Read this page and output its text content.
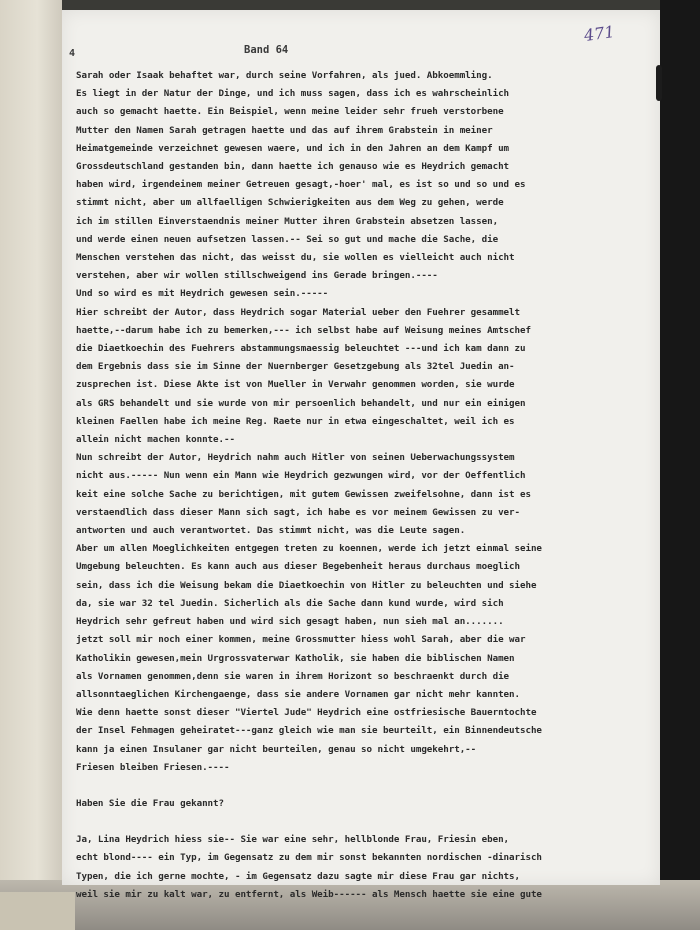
4	Band 64
471
Sarah oder Isaak behaftet war, durch seine Vorfahren, als jued. Abkoemmling.
Es liegt in der Natur der Dinge, und ich muss sagen, dass ich es wahrscheinlich
auch so gemacht haette. Ein Beispiel, wenn meine leider sehr frueh verstorbene
Mutter den Namen Sarah getragen haette und das auf ihrem Grabstein in meiner
Heimatgemeinde verzeichnet gewesen waere, und ich in den Jahren an dem Kampf um
Grossdeutschland gestanden bin, dann haette ich genauso wie es Heydrich gemacht
haben wird, irgendeinem meiner Getreuen gesagt,-hoer' mal, es ist so und so und es
stimmt nicht, aber um allfaelligen Schwierigkeiten aus dem Weg zu gehen, werde
ich im stillen Einverstaendnis meiner Mutter ihren Grabstein absetzen lassen,
und werde einen neuen aufsetzen lassen.-- Sei so gut und mache die Sache, die
Menschen verstehen das nicht, das weisst du, sie wollen es vielleicht auch nicht
verstehen, aber wir wollen stillschweigend ins Gerade bringen.----
Und so wird es mit Heydrich gewesen sein.-----
Hier schreibt der Autor, dass Heydrich sogar Material ueber den Fuehrer gesammelt
haette,--darum habe ich zu bemerken,--- ich selbst habe auf Weisung meines Amtschef
die Diaetkoechin des Fuehrers abstammungsmaessig beleuchtet ---und ich kam dann zu
dem Ergebnis dass sie im Sinne der Nuernberger Gesetzgebung als 32tel Juedin an-
zusprechen ist. Diese Akte ist von Mueller in Verwahr genommen worden, sie wurde
als GRS behandelt und sie wurde von mir persoenlich behandelt, und nur ein einigen
kleinen Faellen habe ich meine Reg. Raete nur in etwa eingeschaltet, weil ich es
allein nicht machen konnte.--
Nun schreibt der Autor, Heydrich nahm auch Hitler von seinen Ueberwachungssystem
nicht aus.----- Nun wenn ein Mann wie Heydrich gezwungen wird, vor der Oeffentlich
keit eine solche Sache zu berichtigen, mit gutem Gewissen zweifelsohne, dann ist es
verstaendlich dass dieser Mann sich sagt, ich habe es vor meinem Gewissen zu ver-
antworten und auch verantwortet. Das stimmt nicht, was die Leute sagen.
Aber um allen Moeglichkeiten entgegen treten zu koennen, werde ich jetzt einmal seine
Umgebung beleuchten. Es kann auch aus dieser Begebenheit heraus durchaus moeglich
sein, dass ich die Weisung bekam die Diaetkoechin von Hitler zu beleuchten und siehe
da, sie war 32 tel Juedin. Sicherlich als die Sache dann kund wurde, wird sich
Heydrich sehr gefreut haben und wird sich gesagt haben, nun sieh mal an.......
jetzt soll mir noch einer kommen, meine Grossmutter hiess wohl Sarah, aber die war
Katholikin gewesen,mein Urgrossvaterwar Katholik, sie haben die biblischen Namen
als Vornamen genommen,denn sie waren in ihrem Horizont so beschraenkt durch die
allsonntaeglichen Kirchengaenge, dass sie andere Vornamen gar nicht mehr kannten.
Wie denn haette sonst dieser "Viertel Jude" Heydrich eine ostfriesische Bauerntochte
der Insel Fehmagen geheiratet---ganz gleich wie man sie beurteilt, ein Binnendeutsche
kann ja einen Insulaner gar nicht beurteilen, genau so nicht umgekehrt,--
Friesen bleiben Friesen.----
Haben Sie die Frau gekannt?
Ja, Lina Heydrich hiess sie-- Sie war eine sehr, hellblonde Frau, Friesin eben,
echt blond---- ein Typ, im Gegensatz zu dem mir sonst bekannten nordischen -dinarisch
Typen, die ich gerne mochte, - im Gegensatz dazu sagte mir diese Frau gar nichts,
weil sie mir zu kalt war, zu entfernt, als Weib------ als Mensch haette sie eine gute
